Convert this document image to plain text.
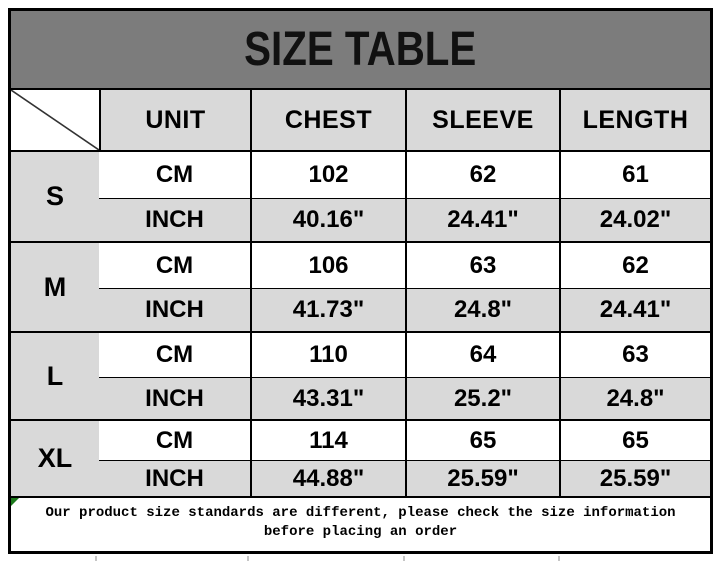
SIZE TABLE
UNIT	CHEST	SLEEVE	LENGTH
S
CM	102	62	61
INCH	40.16"	24.41"	24.02"
M
CM	106	63	62
INCH	41.73"	24.8"	24.41"
L
CM	110	64	63
INCH	43.31"	25.2"	24.8"
XL
CM	114	65	65
INCH	44.88"	25.59"	25.59"
Our product size standards are different, please check the size information before placing an order
